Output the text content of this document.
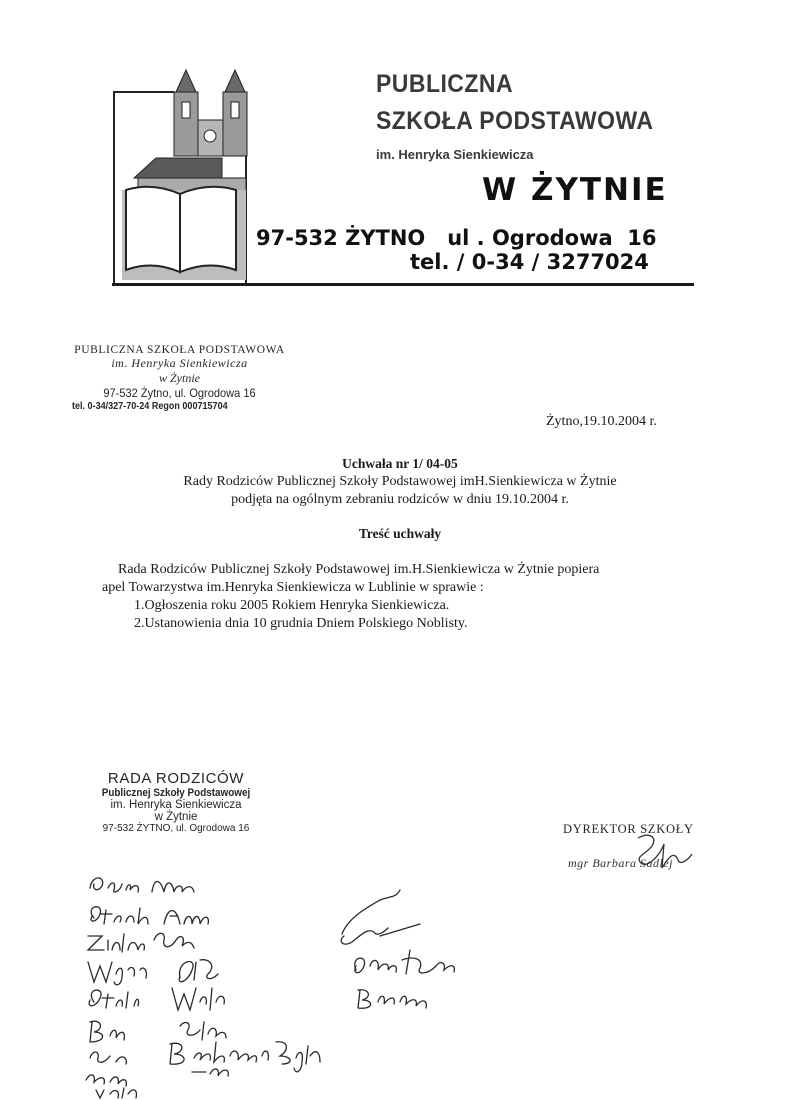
PUBLICZNA
SZKOŁA PODSTAWOWA
im. Henryka Sienkiewicza
W ŻYTNIE
97-532 ŻYTNO   ul . Ogrodowa  16
tel. / 0-34 / 3277024
PUBLICZNA SZKOŁA PODSTAWOWA
im. Henryka Sienkiewicza
w Żytnie
97-532 Żytno, ul. Ogrodowa 16
tel. 0-34/327-70-24 Regon 000715704
Żytno,19.10.2004 r.
Uchwała nr 1/ 04-05
Rady Rodziców Publicznej Szkoły Podstawowej imH.Sienkiewicza w Żytnie
podjęta na ogólnym zebraniu rodziców w dniu 19.10.2004 r.
Treść uchwały
Rada Rodziców Publicznej Szkoły Podstawowej im.H.Sienkiewicza w Żytnie popiera
apel Towarzystwa im.Henryka Sienkiewicza w Lublinie w sprawie :
1.Ogłoszenia roku 2005 Rokiem Henryka Sienkiewicza.
2.Ustanowienia dnia 10 grudnia Dniem Polskiego Noblisty.
RADA RODZICÓW
Publicznej Szkoły Podstawowej
im. Henryka Sienkiewicza
w Żytnie
97-532 ŻYTNO, ul. Ogrodowa 16	DYREKTOR SZKOŁY
mgr Barbara Sadlej
